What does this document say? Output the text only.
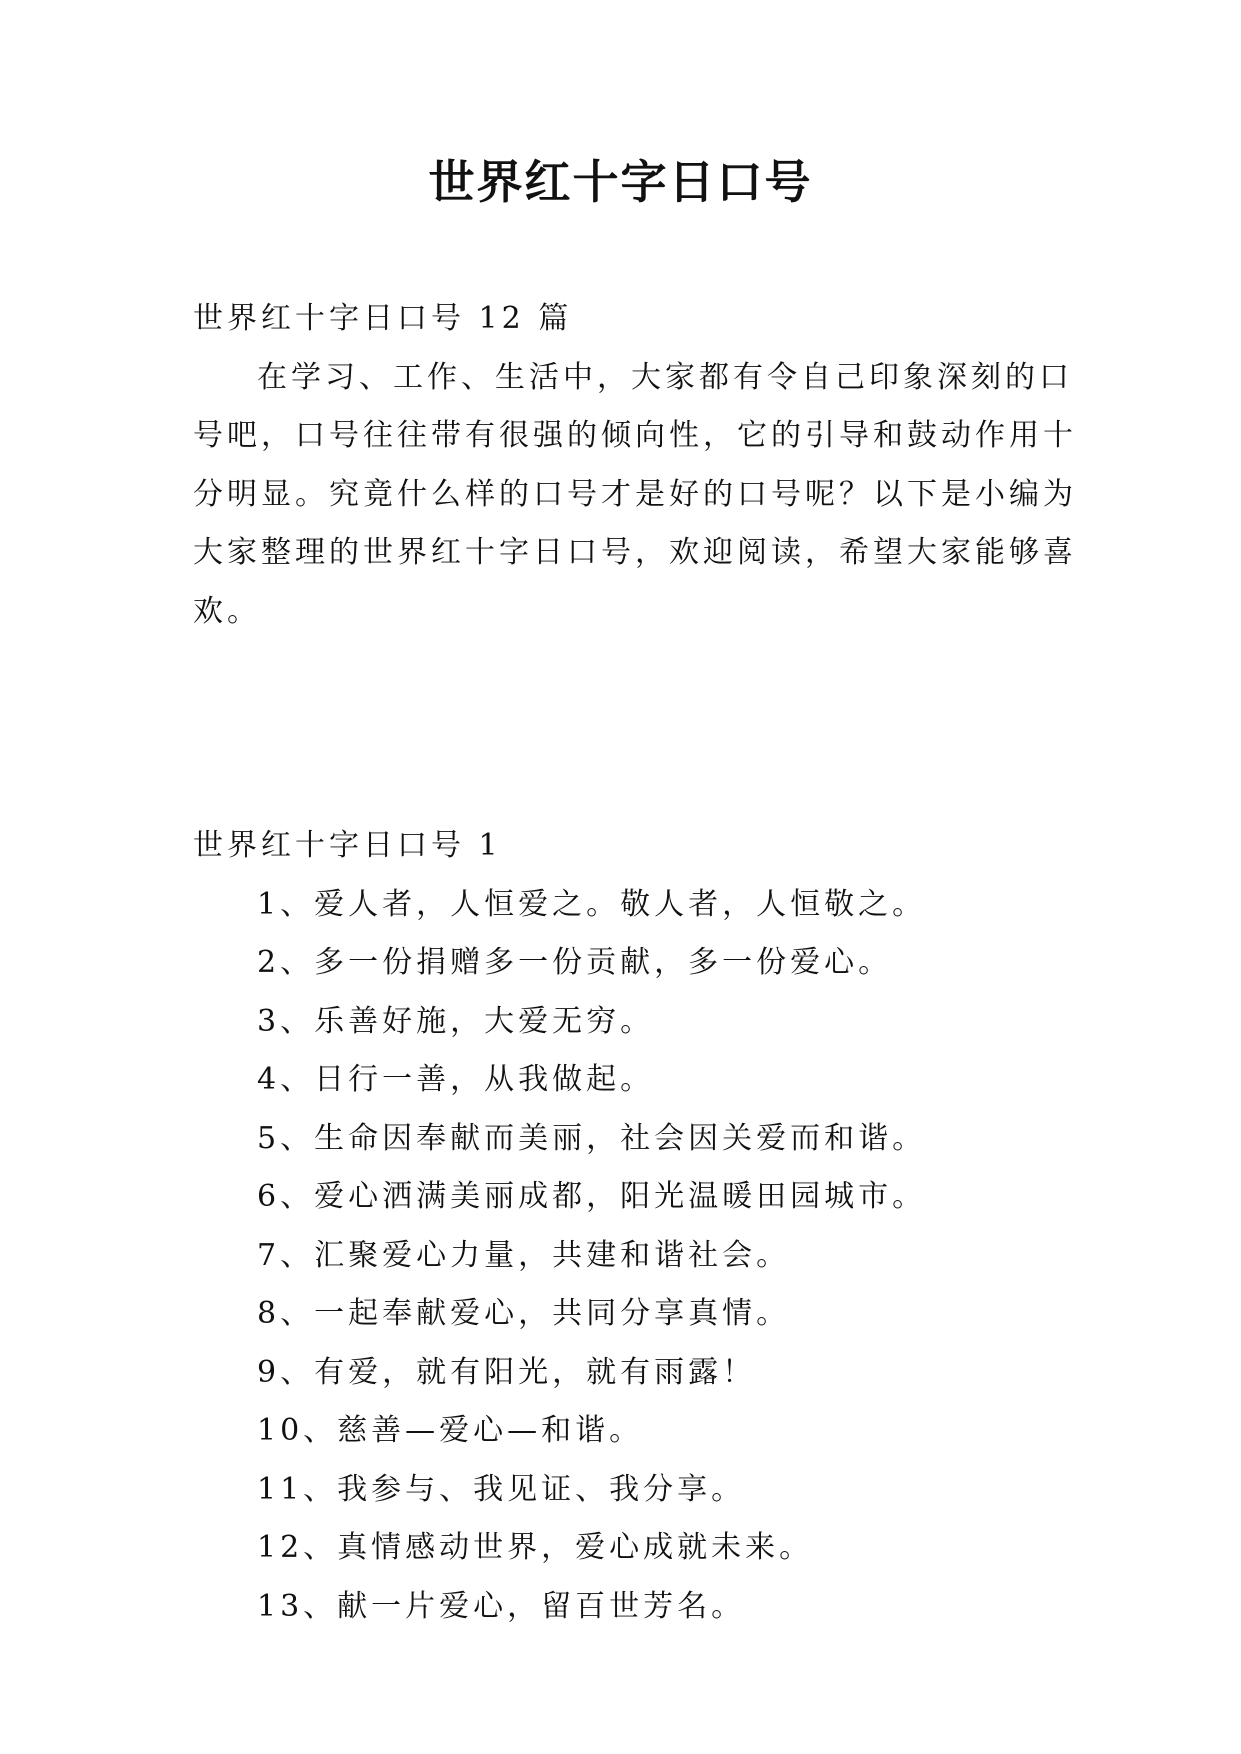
世界红十字日口号
世界红十字日口号 12 篇
在学习、工作、生活中，大家都有令自己印象深刻的口
号吧，口号往往带有很强的倾向性，它的引导和鼓动作用十
分明显。究竟什么样的口号才是好的口号呢？以下是小编为
大家整理的世界红十字日口号，欢迎阅读，希望大家能够喜
欢。
世界红十字日口号 1
1、爱人者，人恒爱之。敬人者，人恒敬之。
2、多一份捐赠多一份贡献，多一份爱心。
3、乐善好施，大爱无穷。
4、日行一善，从我做起。
5、生命因奉献而美丽，社会因关爱而和谐。
6、爱心洒满美丽成都，阳光温暖田园城市。
7、汇聚爱心力量，共建和谐社会。
8、一起奉献爱心，共同分享真情。
9、有爱，就有阳光，就有雨露！
10、慈善—爱心—和谐。
11、我参与、我见证、我分享。
12、真情感动世界，爱心成就未来。
13、献一片爱心，留百世芳名。
